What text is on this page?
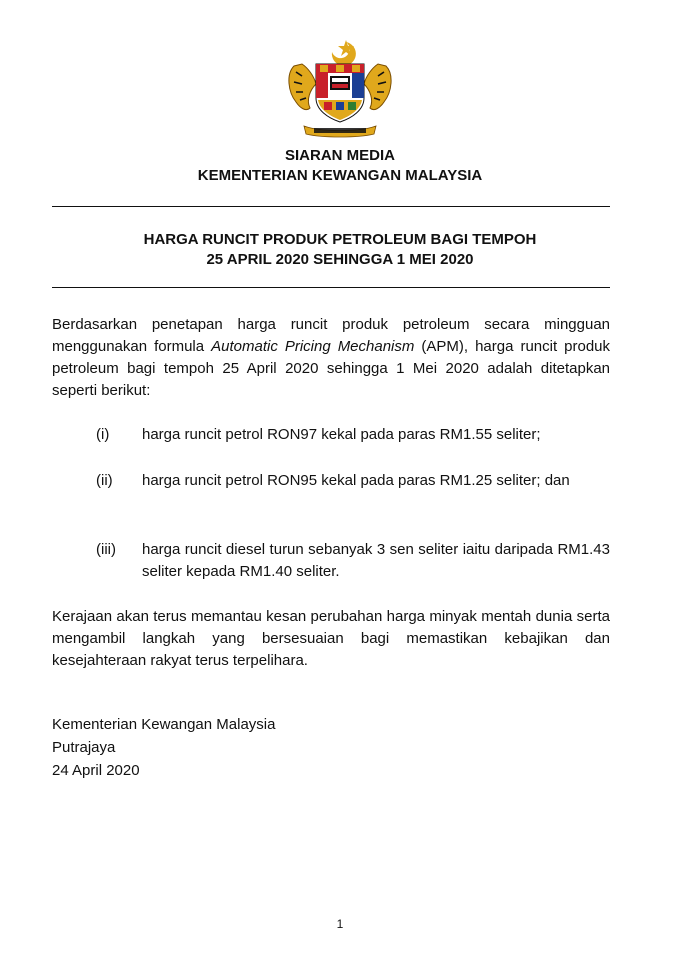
SIARAN MEDIA
KEMENTERIAN KEWANGAN MALAYSIA
HARGA RUNCIT PRODUK PETROLEUM BAGI TEMPOH
25 APRIL 2020 SEHINGGA 1 MEI 2020
Berdasarkan penetapan harga runcit produk petroleum secara mingguan menggunakan formula Automatic Pricing Mechanism (APM), harga runcit produk petroleum bagi tempoh 25 April 2020 sehingga 1 Mei 2020 adalah ditetapkan seperti berikut:
(i)	harga runcit petrol RON97 kekal pada paras RM1.55 seliter;
(ii)	harga runcit petrol RON95 kekal pada paras RM1.25 seliter; dan
(iii)	harga runcit diesel turun sebanyak 3 sen seliter iaitu daripada RM1.43 seliter kepada RM1.40 seliter.
Kerajaan akan terus memantau kesan perubahan harga minyak mentah dunia serta mengambil langkah yang bersesuaian bagi memastikan kebajikan dan kesejahteraan rakyat terus terpelihara.
Kementerian Kewangan Malaysia
Putrajaya
24 April 2020
1
